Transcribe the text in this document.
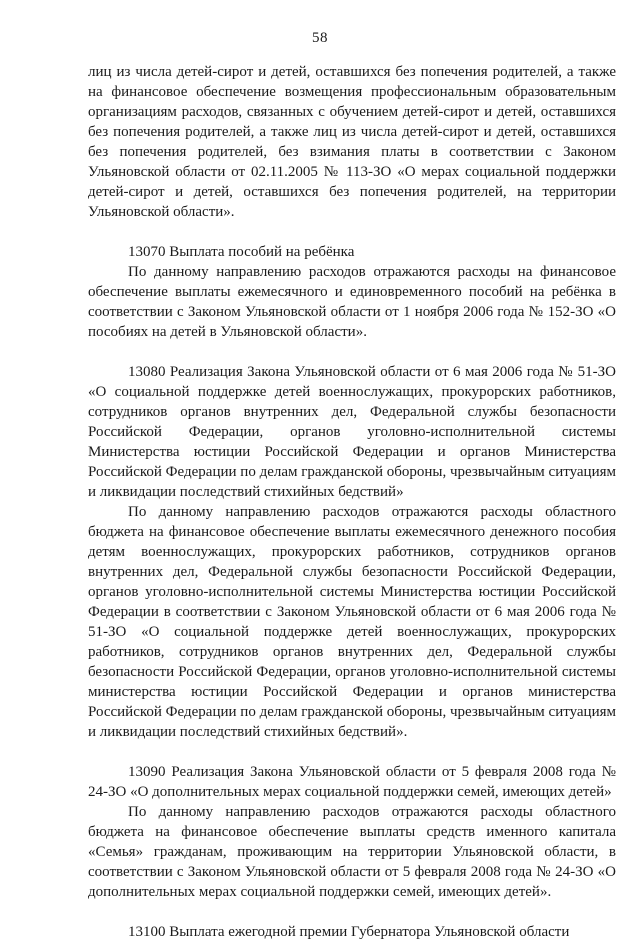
58

лиц из числа детей-сирот и детей, оставшихся без попечения родителей, а также на финансовое обеспечение возмещения профессиональным образовательным организациям расходов, связанных с обучением детей-сирот и детей, оставшихся без попечения родителей, а также лиц из числа детей-сирот и детей, оставшихся без попечения родителей, без взимания платы в соответствии с Законом Ульяновской области от 02.11.2005 № 113-ЗО «О мерах социальной поддержки детей-сирот и детей, оставшихся без попечения родителей, на территории Ульяновской области».

13070 Выплата пособий на ребёнка

По данному направлению расходов отражаются расходы на финансовое обеспечение выплаты ежемесячного и единовременного пособий на ребёнка в соответствии с Законом Ульяновской области от 1 ноября 2006 года № 152-ЗО «О пособиях на детей в Ульяновской области».

13080 Реализация Закона Ульяновской области от 6 мая 2006 года № 51-ЗО «О социальной поддержке детей военнослужащих, прокурорских работников, сотрудников органов внутренних дел, Федеральной службы безопасности Российской Федерации, органов уголовно-исполнительной системы Министерства юстиции Российской Федерации и органов Министерства Российской Федерации по делам гражданской обороны, чрезвычайным ситуациям и ликвидации последствий стихийных бедствий»

По данному направлению расходов отражаются расходы областного бюджета на финансовое обеспечение выплаты ежемесячного денежного пособия детям военнослужащих, прокурорских работников, сотрудников органов внутренних дел, Федеральной службы безопасности Российской Федерации, органов уголовно-исполнительной системы Министерства юстиции Российской Федерации в соответствии с Законом Ульяновской области от 6 мая 2006 года № 51-ЗО «О социальной поддержке детей военнослужащих, прокурорских работников, сотрудников органов внутренних дел, Федеральной службы безопасности Российской Федерации, органов уголовно-исполнительной системы министерства юстиции Российской Федерации и органов министерства Российской Федерации по делам гражданской обороны, чрезвычайным ситуациям и ликвидации последствий стихийных бедствий».

13090 Реализация Закона Ульяновской области от 5 февраля 2008 года № 24-ЗО «О дополнительных мерах социальной поддержки семей, имеющих детей»

По данному направлению расходов отражаются расходы областного бюджета на финансовое обеспечение выплаты средств именного капитала «Семья» гражданам, проживающим на территории Ульяновской области, в соответствии с Законом Ульяновской области от 5 февраля 2008 года № 24-ЗО «О дополнительных мерах социальной поддержки семей, имеющих детей».

13100 Выплата ежегодной премии Губернатора Ульяновской области
